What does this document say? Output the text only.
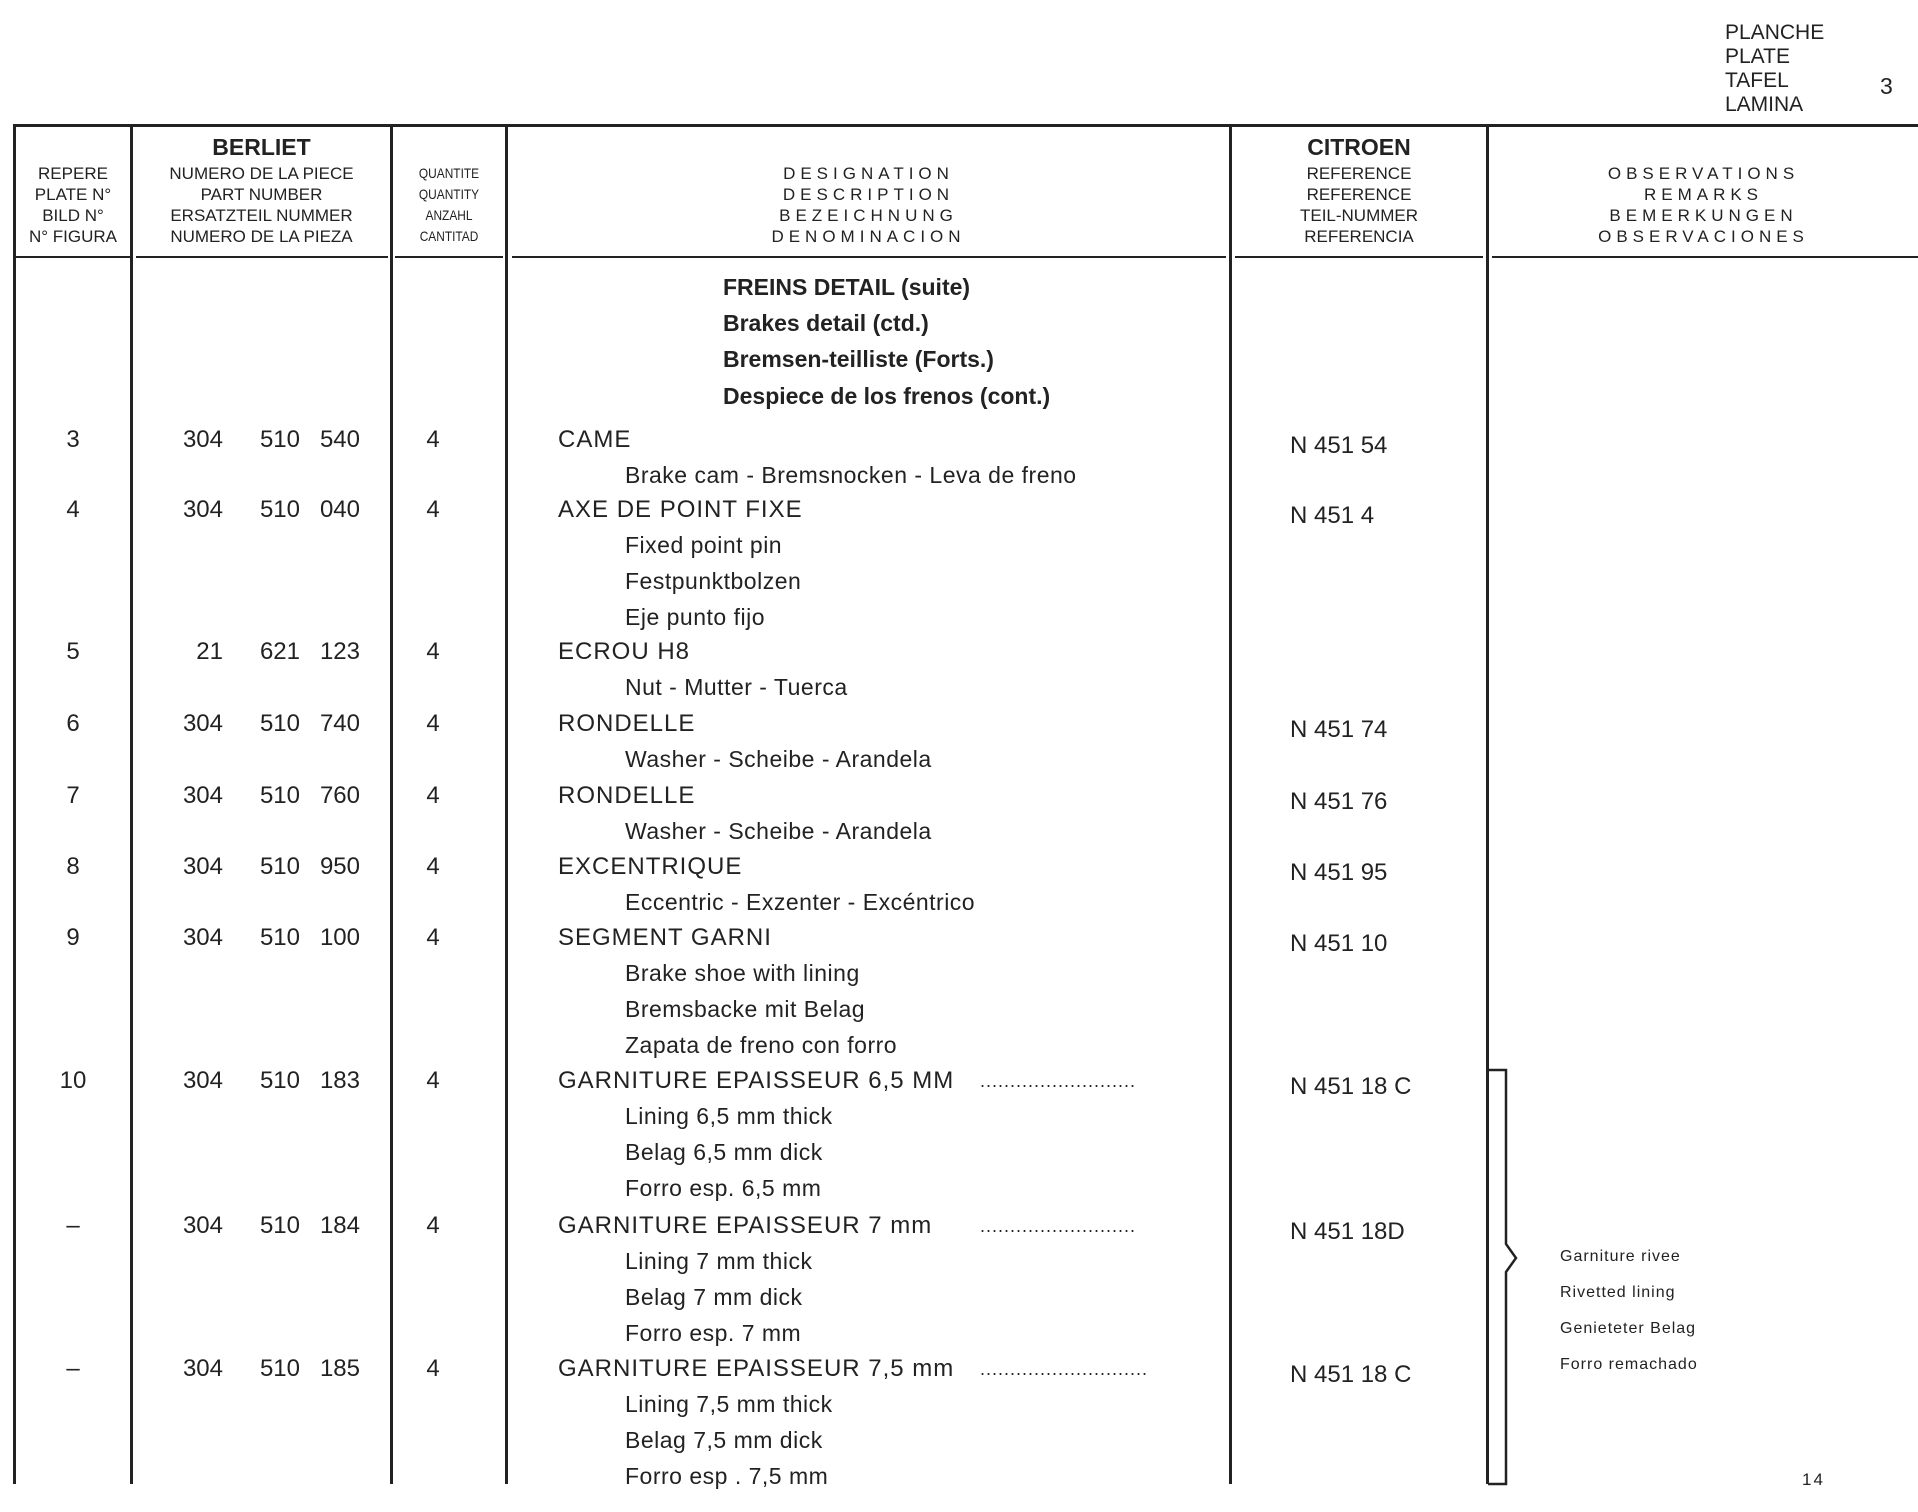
PLANCHE
PLATE
TAFEL
LAMINA
3
REPERE
PLATE N°
BILD N°
N° FIGURA
BERLIET
NUMERO DE LA PIECE
PART NUMBER
ERSATZTEIL NUMMER
NUMERO DE LA PIEZA
QUANTITE
QUANTITY
ANZAHL
CANTITAD
DESIGNATION
DESCRIPTION
BEZEICHNUNG
DENOMINACION
CITROEN
REFERENCE
REFERENCE
TEIL-NUMMER
REFERENCIA
OBSERVATIONS
REMARKS
BEMERKUNGEN
OBSERVACIONES
FREINS DETAIL (suite)
Brakes detail (ctd.)
Bremsen-teilliste (Forts.)
Despiece de los frenos (cont.)
3	304	510 540	4	CAME	N 451 54
Brake cam - Bremsnocken - Leva de freno
4	304	510 040	4	AXE DE POINT FIXE	N 451 4
Fixed point pin
Festpunktbolzen
Eje punto fijo
5	21	621 123	4	ECROU H8
Nut - Mutter - Tuerca
6	304	510 740	4	RONDELLE	N 451 74
Washer - Scheibe - Arandela
7	304	510 760	4	RONDELLE	N 451 76
Washer - Scheibe - Arandela
8	304	510 950	4	EXCENTRIQUE	N 451 95
Eccentric - Exzenter - Excéntrico
9	304	510 100	4	SEGMENT GARNI	N 451 10
Brake shoe with lining
Bremsbacke mit Belag
Zapata de freno con forro
10	304	510 183	4	GARNITURE EPAISSEUR 6,5 MM	N 451 18 C
..........................
Lining 6,5 mm thick
Belag 6,5 mm dick
Forro esp. 6,5 mm
–	304	510 184	4	GARNITURE EPAISSEUR 7 mm	N 451 18D
..........................
Lining 7 mm thick
Belag 7 mm dick
Forro esp. 7 mm
–	304	510 185	4	GARNITURE EPAISSEUR 7,5 mm	N 451 18 C
............................
Lining 7,5 mm thick
Belag 7,5 mm dick
Forro esp . 7,5 mm
Garniture rivee
Rivetted lining
Genieteter Belag
Forro remachado
14
